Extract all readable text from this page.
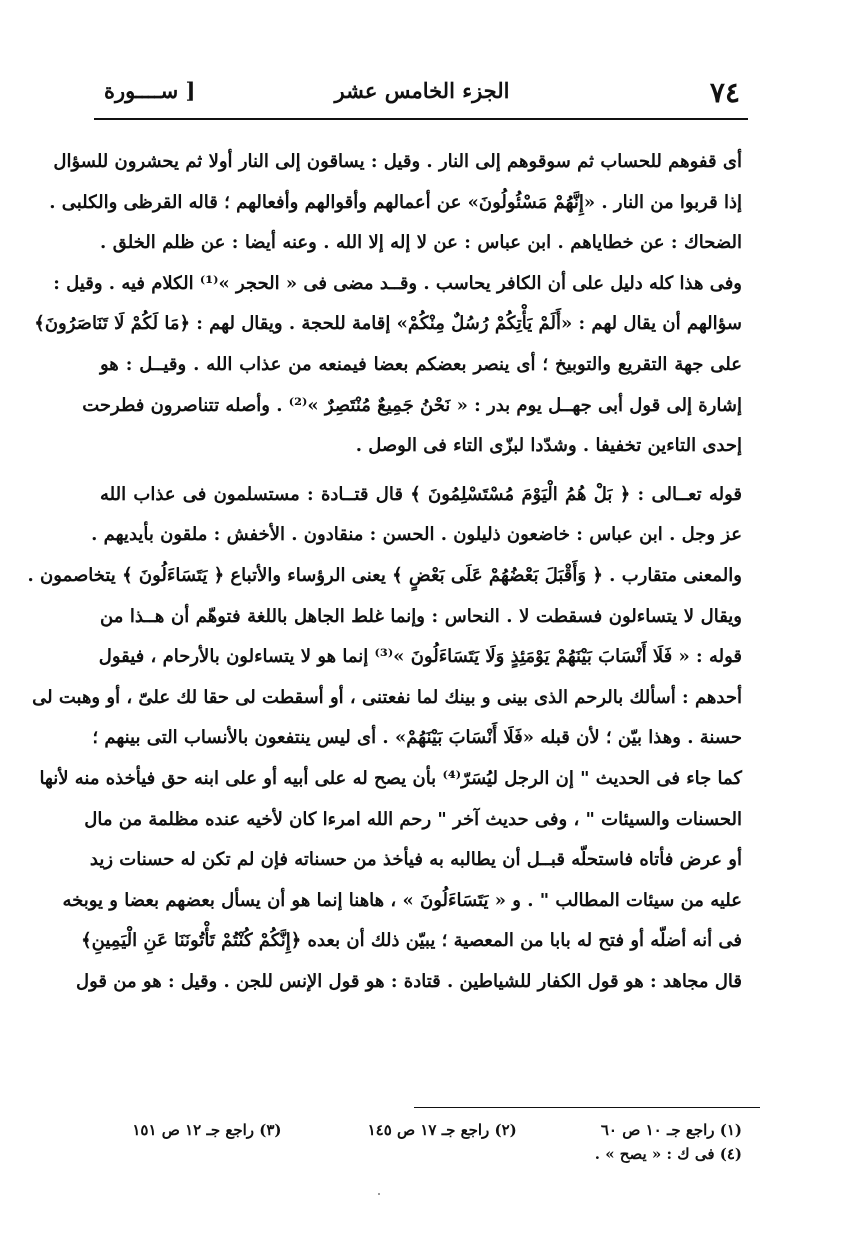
٧٤
الجزء الخامس عشر
[ ســــورة
أى قفوهم للحساب ثم سوقوهم إلى النار . وقيل : يساقون إلى النار أولا ثم يحشرون للسؤال
إذا قربوا من النار . «إِنَّهُمْ مَسْئُولُونَ» عن أعمالهم وأقوالهم وأفعالهم ؛ قاله القرظى والكلبى .
الضحاك : عن خطاياهم . ابن عباس : عن لا إله إلا الله . وعنه أيضا : عن ظلم الخلق .
وفى هذا كله دليل على أن الكافر يحاسب . وقــد مضى فى « الحجر »⁽¹⁾ الكلام فيه . وقيل :
سؤالهم أن يقال لهم : «أَلَمْ يَأْتِكُمْ رُسُلٌ مِنْكُمْ» إقامة للحجة . ويقال لهم : ﴿مَا لَكُمْ لَا تَنَاصَرُونَ﴾
على جهة التقريع والتوبيخ ؛ أى ينصر بعضكم بعضا فيمنعه من عذاب الله . وقيــل : هو
إشارة إلى قول أبى جهــل يوم بدر : « نَحْنُ جَمِيعٌ مُنْتَصِرٌ »⁽²⁾ . وأصله تتناصرون فطرحت
إحدى التاءين تخفيفا . وشدّدا لبزّى التاء فى الوصل .
قوله تعــالى : ﴿ بَلْ هُمُ الْيَوْمَ مُسْتَسْلِمُونَ ﴾ قال قتــادة : مستسلمون فى عذاب الله
عز وجل . ابن عباس : خاضعون ذليلون . الحسن : منقادون . الأخفش : ملقون بأيديهم .
والمعنى متقارب . ﴿ وَأَقْبَلَ بَعْضُهُمْ عَلَى بَعْضٍ ﴾ يعنى الرؤساء والأتباع ﴿ يَتَسَاءَلُونَ ﴾ يتخاصمون .
ويقال لا يتساءلون فسقطت لا . النحاس : وإنما غلط الجاهل باللغة فتوهّم أن هــذا من
قوله : « فَلَا أَنْسَابَ بَيْنَهُمْ يَوْمَئِذٍ وَلَا يَتَسَاءَلُونَ »⁽³⁾ إنما هو لا يتساءلون بالأرحام ، فيقول
أحدهم : أسألك بالرحم الذى بينى و بينك لما نفعتنى ، أو أسقطت لى حقا لك علىّ ، أو وهبت لى
حسنة . وهذا بيّن ؛ لأن قبله «فَلَا أَنْسَابَ بَيْنَهُمْ» . أى ليس ينتفعون بالأنساب التى بينهم ؛
كما جاء فى الحديث " إن الرجل ليُسَرّ⁽⁴⁾ بأن يصح له على أبيه أو على ابنه حق فيأخذه منه لأنها
الحسنات والسيئات " ، وفى حديث آخر " رحم الله امرءا كان لأخيه عنده مظلمة من مال
أو عرض فأتاه فاستحلّه قبــل أن يطالبه به فيأخذ من حسناته فإن لم تكن له حسنات زيد
عليه من سيئات المطالب " . و « يَتَسَاءَلُونَ » ، هاهنا إنما هو أن يسأل بعضهم بعضا و يوبخه
فى أنه أضلّه أو فتح له بابا من المعصية ؛ يبيّن ذلك أن بعده ﴿إِنَّكُمْ كُنْتُمْ تَأْتُونَنَا عَنِ الْيَمِينِ﴾
قال مجاهد : هو قول الكفار للشياطين . قتادة : هو قول الإنس للجن . وقيل : هو من قول
(١) راجع جـ ١٠ ص ٦٠ (٢) راجع جـ ١٧ ص ١٤٥ (٣) راجع جـ ١٢ ص ١٥١
(٤) فى ك : « يصح » .
